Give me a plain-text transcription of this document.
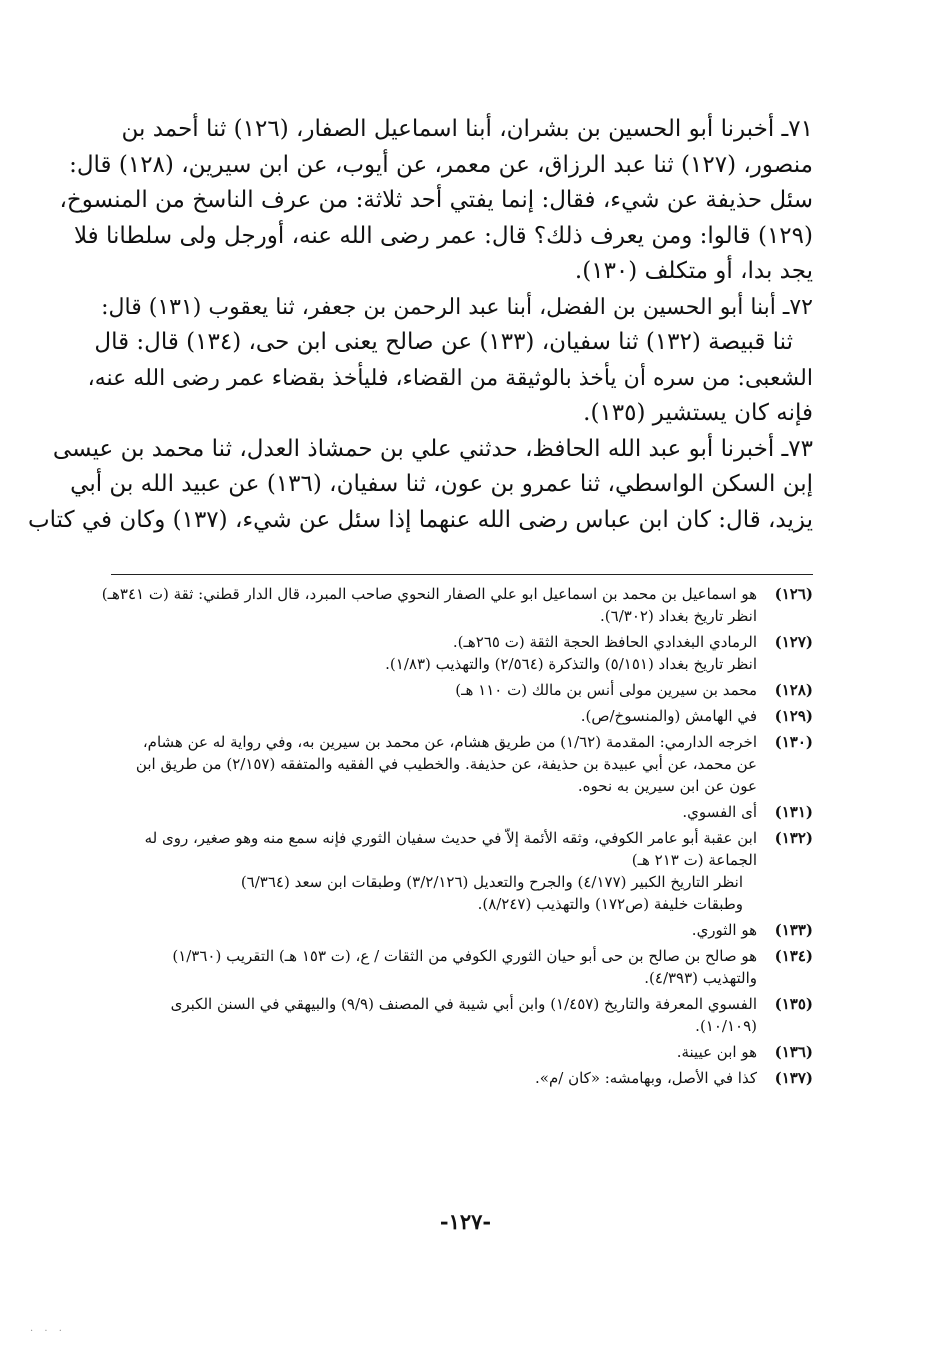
٧١ـ أخبرنا أبو الحسين بن بشران، أبنا اسماعيل الصفار، (١٢٦) ثنا أحمد بن
منصور، (١٢٧) ثنا عبد الرزاق، عن معمر، عن أيوب، عن ابن سيرين، (١٢٨) قال:
سئل حذيفة عن شيء، فقال: إنما يفتي أحد ثلاثة: من عرف الناسخ من المنسوخ،
(١٢٩) قالوا: ومن يعرف ذلك؟ قال: عمر رضى الله عنه، أورجل ولى سلطانا فلا
يجد بدا، أو متكلف (١٣٠).
٧٢ـ أبنا أبو الحسين بن الفضل، أبنا عبد الرحمن بن جعفر، ثنا يعقوب (١٣١) قال:
ثنا قبيصة (١٣٢) ثنا سفيان، (١٣٣) عن صالح يعنى ابن حى، (١٣٤) قال: قال
الشعبى: من سره أن يأخذ بالوثيقة من القضاء، فليأخذ بقضاء عمر رضى الله عنه،
فإنه كان يستشير (١٣٥).
٧٣ـ أخبرنا أبو عبد الله الحافظ، حدثني علي بن حمشاذ العدل، ثنا محمد بن عيسى
إبن السكن الواسطي، ثنا عمرو بن عون، ثنا سفيان، (١٣٦) عن عبيد الله بن أبي
يزيد، قال: كان ابن عباس رضى الله عنهما إذا سئل عن شيء، (١٣٧) وكان في كتاب
(١٢٦)
هو اسماعيل بن محمد بن اسماعيل ابو علي الصفار النحوي صاحب المبرد، قال الدار قطني: ثقة (ت ٣٤١هـ)
انظر تاريخ بغداد (٦/٣٠٢).
(١٢٧)
الرمادي البغدادي الحافظ الحجة الثقة (ت ٢٦٥هـ).
انظر تاريخ بغداد (٥/١٥١) والتذكرة (٢/٥٦٤) والتهذيب (١/٨٣).
(١٢٨)
محمد بن سيرين مولى أنس بن مالك (ت ١١٠ هـ)
(١٢٩)
في الهامش (والمنسوخ/ص).
(١٣٠)
اخرجه الدارمي: المقدمة (١/٦٢) من طريق هشام، عن محمد بن سيرين به، وفي رواية له عن هشام،
عن محمد، عن أبي عبيدة بن حذيفة، عن حذيفة. والخطيب في الفقيه والمتفقه (٢/١٥٧) من طريق ابن
عون عن ابن سيرين به نحوه.
(١٣١)
أى الفسوي.
(١٣٢)
ابن عقبة أبو عامر الكوفي، وثقه الأئمة إلاّ في حديث سفيان الثوري فإنه سمع منه وهو صغير، روى له
الجماعة (ت ٢١٣ هـ)
انظر التاريخ الكبير (٤/١٧٧) والجرح والتعديل (٣/٢/١٢٦) وطبقات ابن سعد (٦/٣٦٤)
وطبقات خليفة (ص١٧٢) والتهذيب (٨/٢٤٧).
(١٣٣)
هو الثوري.
(١٣٤)
هو صالح بن صالح بن حى أبو حيان الثوري الكوفي من الثقات / ع، (ت ١٥٣ هـ) التقريب (١/٣٦٠)
والتهذيب (٤/٣٩٣).
(١٣٥)
الفسوي المعرفة والتاريخ (١/٤٥٧) وابن أبي شيبة في المصنف (٩/٩) والبيهقي في السنن الكبرى
(١٠/١٠٩).
(١٣٦)
هو ابن عيينة.
(١٣٧)
كذا في الأصل، وبهامشه: «كان /م».
-١٢٧-
· · ·
